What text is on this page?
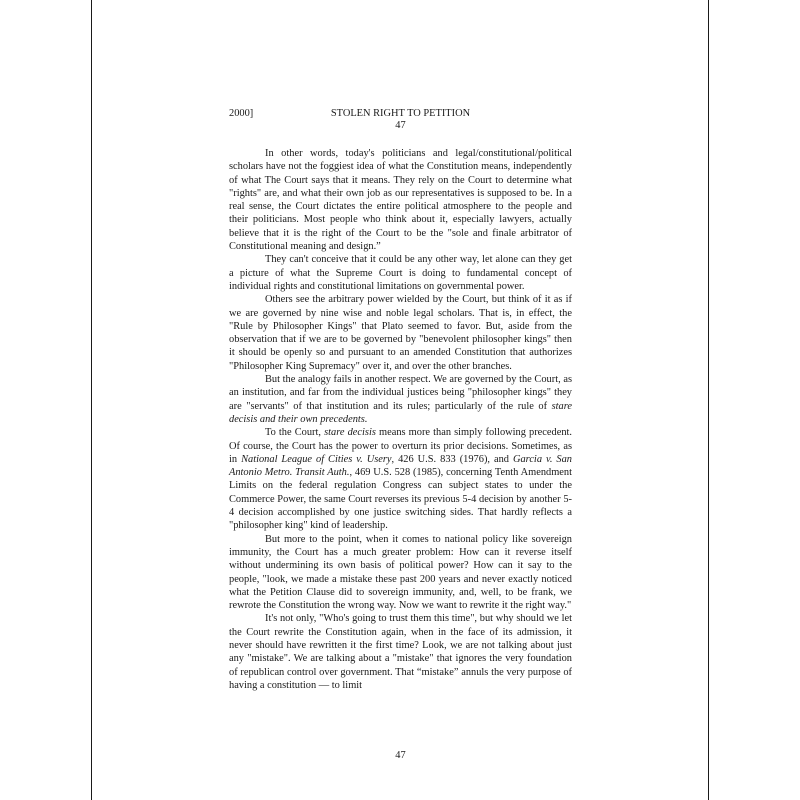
2000]	STOLEN RIGHT TO PETITION
47

In other words, today's politicians and legal/constitutional/political scholars have not the foggiest idea of what the Constitution means, independently of what The Court says that it means. They rely on the Court to determine what "rights" are, and what their own job as our representatives is supposed to be. In a real sense, the Court dictates the entire political atmosphere to the people and their politicians. Most people who think about it, especially lawyers, actually believe that it is the right of the Court to be the "sole and finale arbitrator of Constitutional meaning and design.”

They can't conceive that it could be any other way, let alone can they get a picture of what the Supreme Court is doing to fundamental concept of individual rights and constitutional limitations on governmental power.

Others see the arbitrary power wielded by the Court, but think of it as if we are governed by nine wise and noble legal scholars. That is, in effect, the "Rule by Philosopher Kings" that Plato seemed to favor. But, aside from the observation that if we are to be governed by "benevolent philosopher kings" then it should be openly so and pursuant to an amended Constitution that authorizes "Philosopher King Supremacy" over it, and over the other branches.

But the analogy fails in another respect. We are governed by the Court, as an institution, and far from the individual justices being "philosopher kings" they are "servants" of that institution and its rules; particularly of the rule of stare decisis and their own precedents.

To the Court, stare decisis means more than simply following precedent. Of course, the Court has the power to overturn its prior decisions. Sometimes, as in National League of Cities v. Usery, 426 U.S. 833 (1976), and Garcia v. San Antonio Metro. Transit Auth., 469 U.S. 528 (1985), concerning Tenth Amendment Limits on the federal regulation Congress can subject states to under the Commerce Power, the same Court reverses its previous 5-4 decision by another 5-4 decision accomplished by one justice switching sides. That hardly reflects a "philosopher king" kind of leadership.

But more to the point, when it comes to national policy like sovereign immunity, the Court has a much greater problem: How can it reverse itself without undermining its own basis of political power? How can it say to the people, "look, we made a mistake these past 200 years and never exactly noticed what the Petition Clause did to sovereign immunity, and, well, to be frank, we rewrote the Constitution the wrong way. Now we want to rewrite it the right way."

It's not only, "Who's going to trust them this time", but why should we let the Court rewrite the Constitution again, when in the face of its admission, it never should have rewritten it the first time? Look, we are not talking about just any "mistake". We are talking about a "mistake" that ignores the very foundation of republican control over government. That “mistake” annuls the very purpose of having a constitution — to limit

47
